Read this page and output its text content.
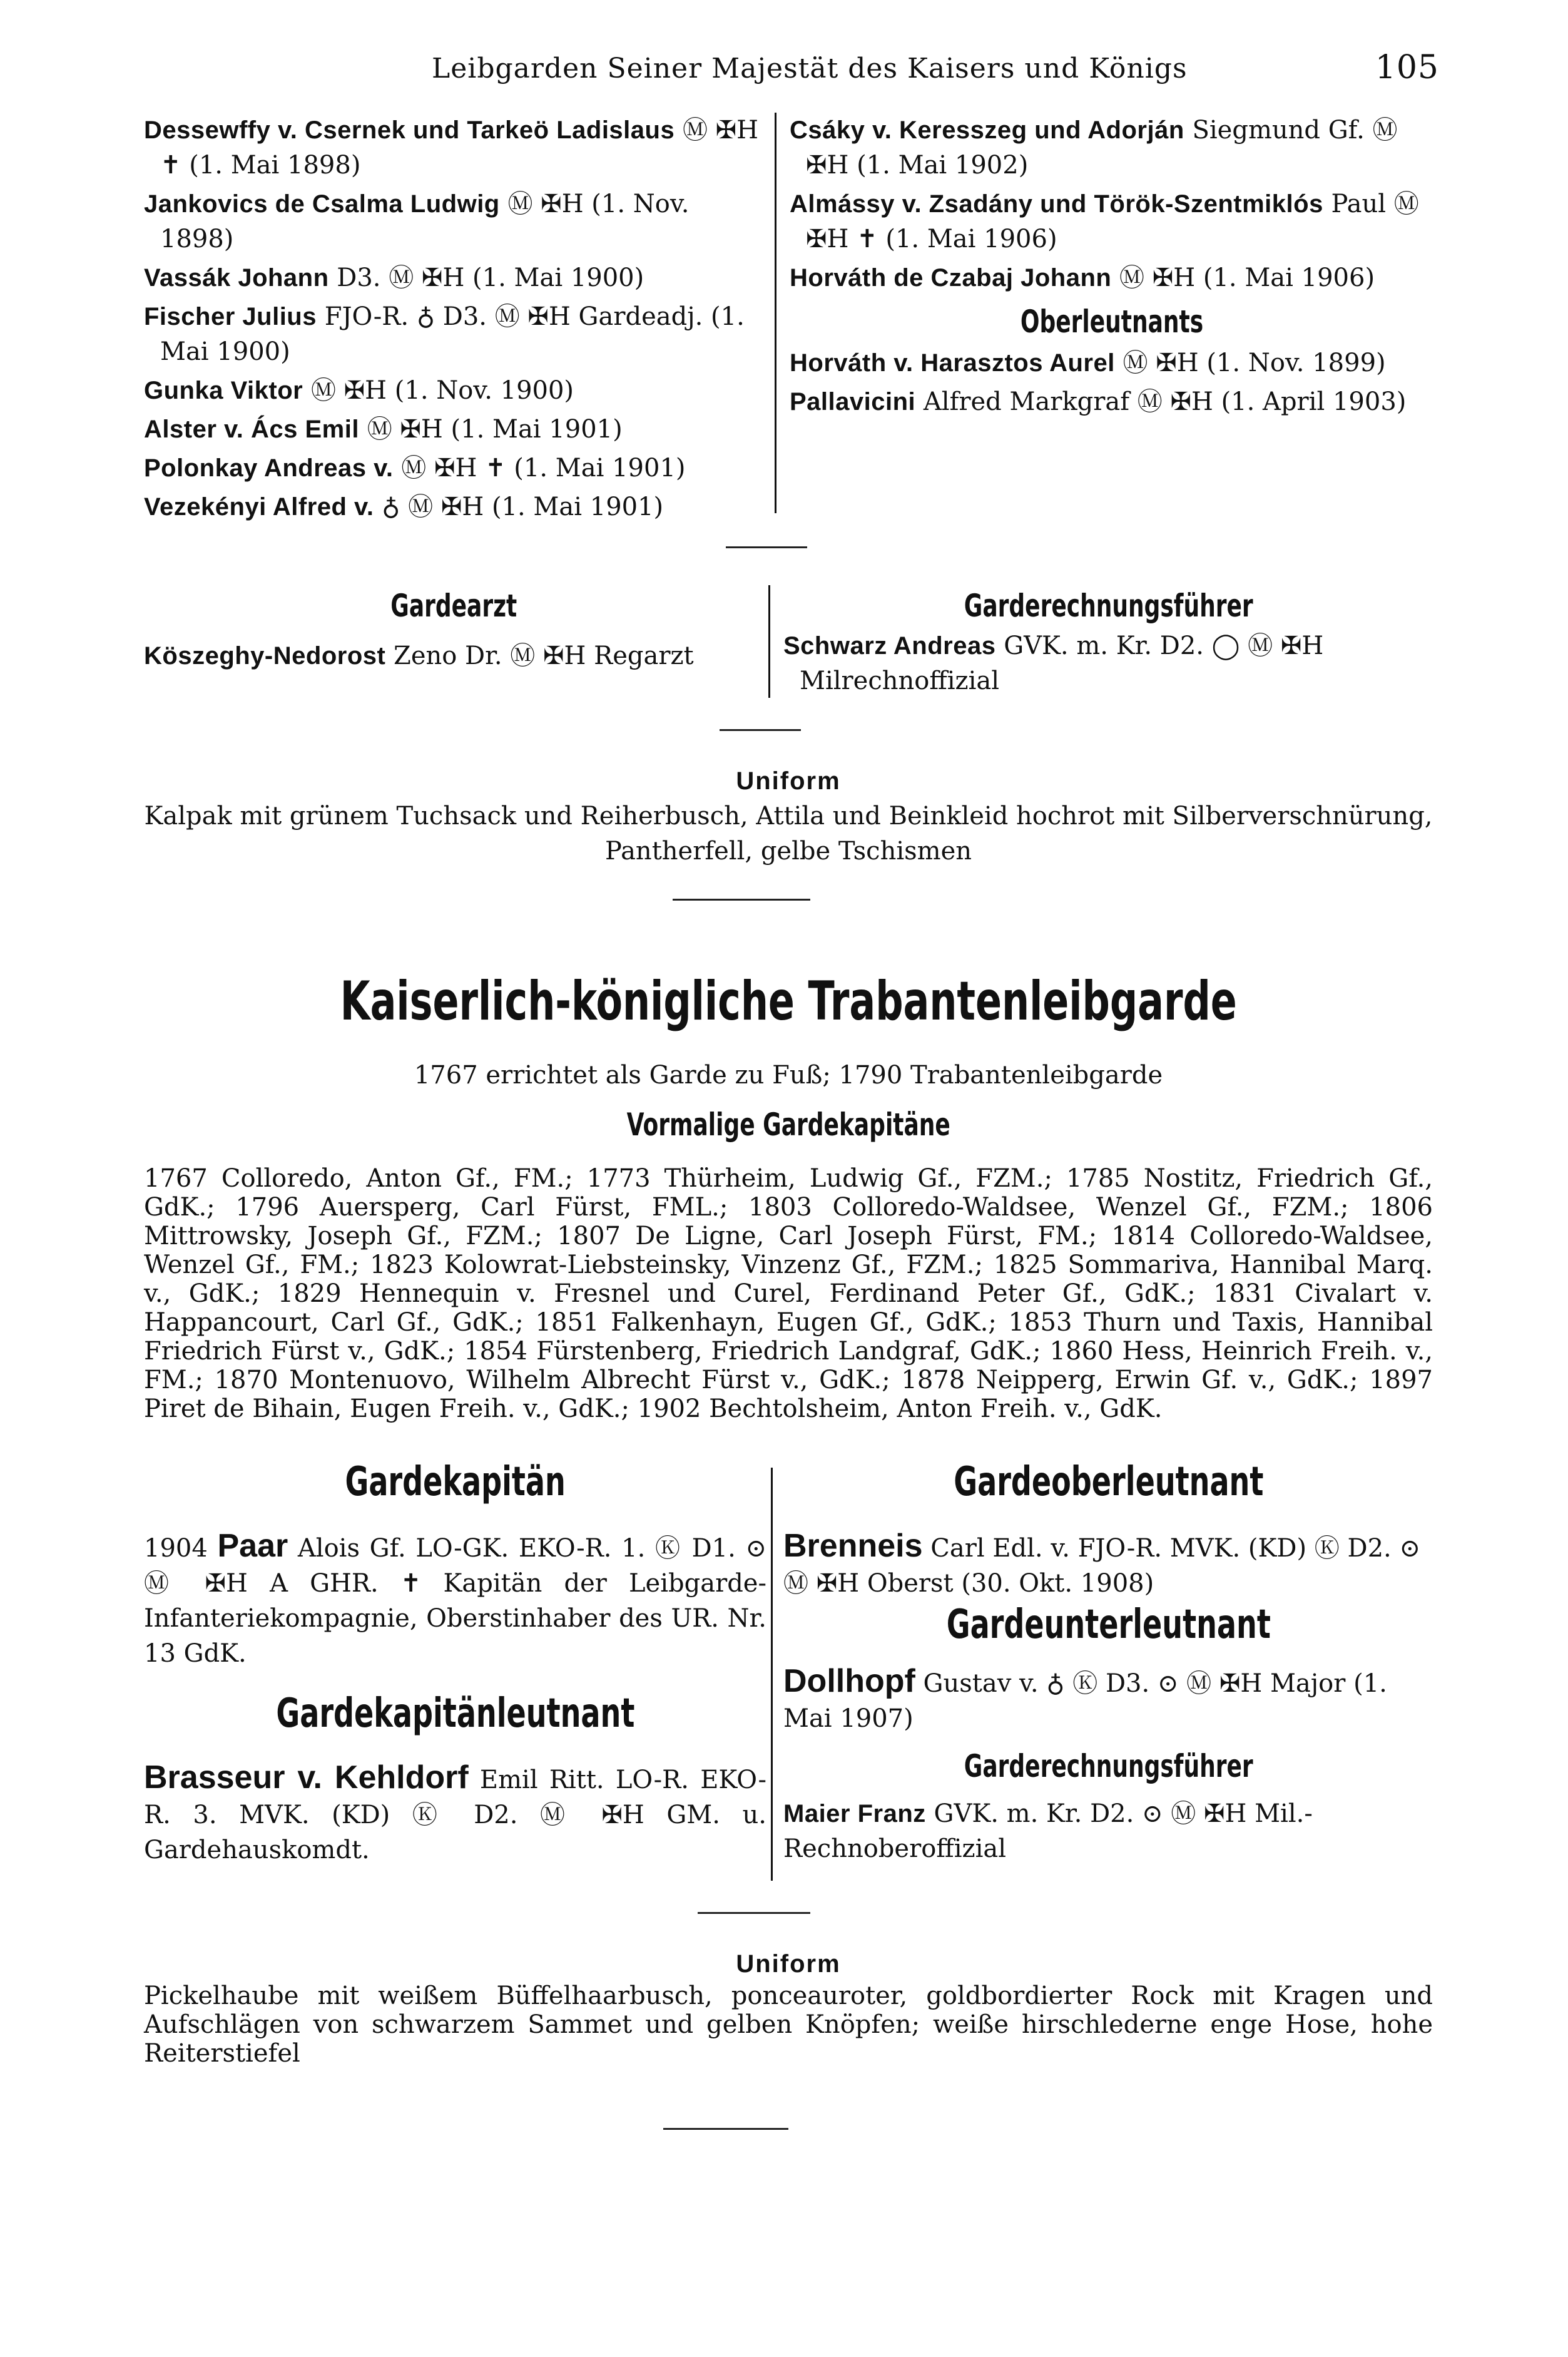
Leibgarden Seiner Majestät des Kaisers und Königs	105

Dessewffy v. Csernek und Tarkeö Ladislaus Ⓜ ✠H ✝ (1. Mai 1898)

Jankovics de Csalma Ludwig Ⓜ ✠H (1. Nov. 1898)

Vassák Johann D3. Ⓜ ✠H (1. Mai 1900)

Fischer Julius FJO-R. ♁ D3. Ⓜ ✠H Gardeadj. (1. Mai 1900)

Gunka Viktor Ⓜ ✠H (1. Nov. 1900)

Alster v. Ács Emil Ⓜ ✠H (1. Mai 1901)

Polonkay Andreas v. Ⓜ ✠H ✝ (1. Mai 1901)

Vezekényi Alfred v. ♁ Ⓜ ✠H (1. Mai 1901)

Csáky v. Keresszeg und Adorján Siegmund Gf. Ⓜ ✠H (1. Mai 1902)

Almássy v. Zsadány und Török-Szentmiklós Paul Ⓜ ✠H ✝ (1. Mai 1906)

Horváth de Czabaj Johann Ⓜ ✠H (1. Mai 1906)

Oberleutnants

Horváth v. Harasztos Aurel Ⓜ ✠H (1. Nov. 1899)

Pallavicini Alfred Markgraf Ⓜ ✠H (1. April 1903)

Gardearzt

Köszeghy-Nedorost Zeno Dr. Ⓜ ✠H Regarzt

Garderechnungsführer

Schwarz Andreas GVK. m. Kr. D2. ◯ Ⓜ ✠H Milrechnoffizial

Uniform

Kalpak mit grünem Tuchsack und Reiherbusch, Attila und Beinkleid hochrot mit Silberverschnürung, Pantherfell, gelbe Tschismen

Kaiserlich-königliche Trabantenleibgarde
1767 errichtet als Garde zu Fuß; 1790 Trabantenleibgarde
Vormalige Gardekapitäne
1767 Colloredo, Anton Gf., FM.; 1773 Thürheim, Ludwig Gf., FZM.; 1785 Nostitz, Friedrich Gf., GdK.; 1796 Auersperg, Carl Fürst, FML.; 1803 Colloredo-Waldsee, Wenzel Gf., FZM.; 1806 Mittrowsky, Joseph Gf., FZM.; 1807 De Ligne, Carl Joseph Fürst, FM.; 1814 Colloredo-Waldsee, Wenzel Gf., FM.; 1823 Kolowrat-Liebsteinsky, Vinzenz Gf., FZM.; 1825 Sommariva, Hannibal Marq. v., GdK.; 1829 Hennequin v. Fresnel und Curel, Ferdinand Peter Gf., GdK.; 1831 Civalart v. Happancourt, Carl Gf., GdK.; 1851 Falkenhayn, Eugen Gf., GdK.; 1853 Thurn und Taxis, Hannibal Friedrich Fürst v., GdK.; 1854 Fürstenberg, Friedrich Landgraf, GdK.; 1860 Hess, Heinrich Freih. v., FM.; 1870 Montenuovo, Wilhelm Albrecht Fürst v., GdK.; 1878 Neipperg, Erwin Gf. v., GdK.; 1897 Piret de Bihain, Eugen Freih. v., GdK.; 1902 Bechtolsheim, Anton Freih. v., GdK.
Gardekapitän

1904 Paar Alois Gf. LO-GK. EKO-R. 1. Ⓚ D1. ⊙ Ⓜ ✠H A GHR. ✝ Kapitän der Leibgarde-Infanteriekompagnie, Oberstinhaber des UR. Nr. 13 GdK.

Gardekapitänleutnant

Brasseur v. Kehldorf Emil Ritt. LO-R. EKO-R. 3. MVK. (KD) Ⓚ D2. Ⓜ ✠H GM. u. Gardehauskomdt.

Gardeoberleutnant

Brenneis Carl Edl. v. FJO-R. MVK. (KD) Ⓚ D2. ⊙ Ⓜ ✠H Oberst (30. Okt. 1908)

Gardeunterleutnant

Dollhopf Gustav v. ♁ Ⓚ D3. ⊙ Ⓜ ✠H Major (1. Mai 1907)

Garderechnungsführer

Maier Franz GVK. m. Kr. D2. ⊙ Ⓜ ✠H Mil.-Rechnoberoffizial

Uniform

Pickelhaube mit weißem Büffelhaarbusch, ponceauroter, goldbordierter Rock mit Kragen und Aufschlägen von schwarzem Sammet und gelben Knöpfen; weiße hirschlederne enge Hose, hohe Reiterstiefel
